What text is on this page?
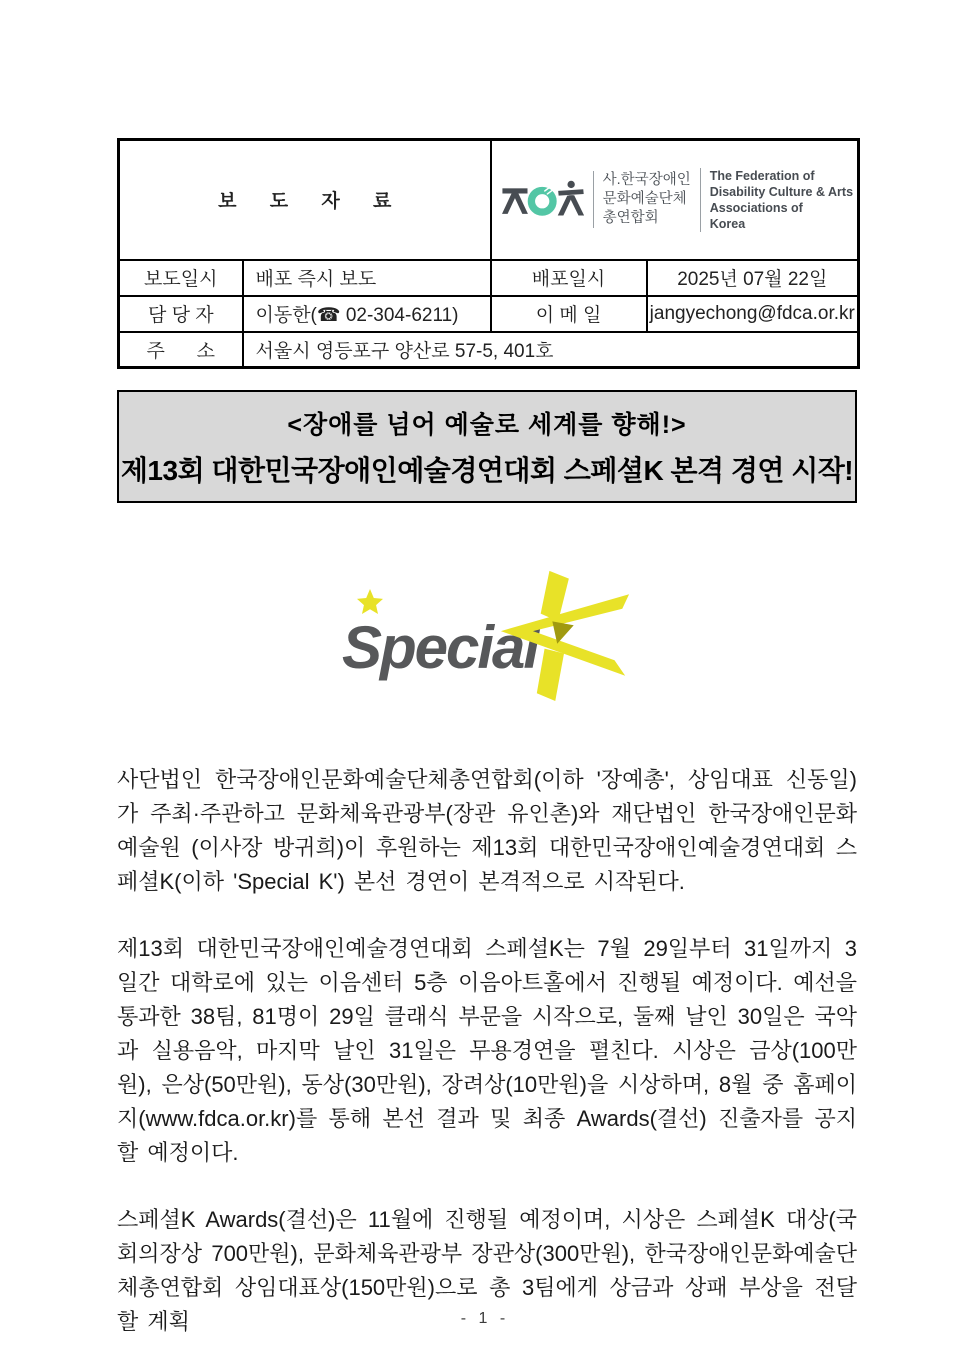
보 도 자 료	
사.한국장애인
문화예술단체
총연합회
The Federation of
Disability Culture & Arts
Associations of
Korea

보도일시	배포 즉시 보도	배포일시	2025년 07월 22일
담 당 자	이동한(☎ 02-304-6211)	이 메 일	jangyechong@fdca.or.kr
주      소	서울시 영등포구 양산로 57-5, 401호		
<장애를 넘어 예술로 세계를 향해!>
제13회 대한민국장애인예술경연대회 스페셜K 본격 경연 시작!
Special

사단법인 한국장애인문화예술단체총연합회(이하 '장예총', 상임대표 신동일)가 주최·주관하고 문화체육관광부(장관 유인촌)와 재단법인 한국장애인문화예술원 (이사장 방귀희)이 후원하는 제13회 대한민국장애인예술경연대회 스페셜K(이하 'Special K') 본선 경연이 본격적으로 시작된다.

제13회 대한민국장애인예술경연대회 스페셜K는 7월 29일부터 31일까지 3일간 대학로에 있는 이음센터 5층 이음아트홀에서 진행될 예정이다. 예선을 통과한 38팀, 81명이 29일 클래식 부문을 시작으로, 둘째 날인 30일은 국악과 실용음악, 마지막 날인 31일은 무용경연을 펼친다. 시상은 금상(100만원), 은상(50만원), 동상(30만원), 장려상(10만원)을 시상하며, 8월 중 홈페이지(www.fdca.or.kr)를 통해 본선 결과 및 최종 Awards(결선) 진출자를 공지할 예정이다.

스페셜K Awards(결선)은 11월에 진행될 예정이며, 시상은 스페셜K 대상(국회의장상 700만원), 문화체육관광부 장관상(300만원), 한국장애인문화예술단체총연합회 상임대표상(150만원)으로 총 3팀에게 상금과 상패 부상을 전달할 계획	- 1 -
